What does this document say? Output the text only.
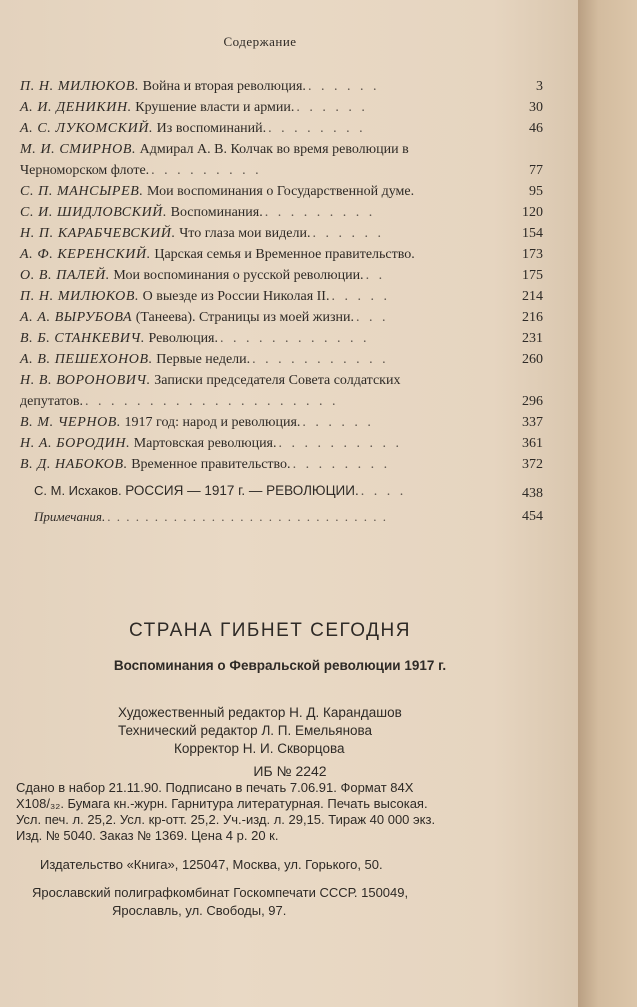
Содержание
П. Н. МИЛЮКОВ. Война и вторая революция. . . . . . .	3
А. И. ДЕНИКИН. Крушение власти и армии. . . . . . .	30
А. С. ЛУКОМСКИЙ. Из воспоминаний. . . . . . . . .	46
М. И. СМИРНОВ. Адмирал А. В. Колчак во время революции в
Черноморском флоте. . . . . . . . . .	77
С. П. МАНСЫРЕВ. Мои воспоминания о Государственной думе.	95
С. И. ШИДЛОВСКИЙ. Воспоминания. . . . . . . . . .	120
Н. П. КАРАБЧЕВСКИЙ. Что глаза мои видели. . . . . . .	154
А. Ф. КЕРЕНСКИЙ. Царская семья и Временное правительство.	173
О. В. ПАЛЕЙ. Мои воспоминания о русской революции. . .	175
П. Н. МИЛЮКОВ. О выезде из России Николая II. . . . . .	214
А. А. ВЫРУБОВА (Танеева). Страницы из моей жизни. . . .	216
В. Б. СТАНКЕВИЧ. Революция. . . . . . . . . . . . .	231
А. В. ПЕШЕХОНОВ. Первые недели. . . . . . . . . . . .	260
Н. В. ВОРОНОВИЧ. Записки председателя Совета солдатских
депутатов. . . . . . . . . . . . . . . . . . . . .	296
В. М. ЧЕРНОВ. 1917 год: народ и революция. . . . . . .	337
Н. А. БОРОДИН. Мартовская революция. . . . . . . . . . .	361
В. Д. НАБОКОВ. Временное правительство. . . . . . . . .	372
С. М. Исхаков. РОССИЯ — 1917 г. — РЕВОЛЮЦИИ. . . . .	438
Примечания. . . . . . . . . . . . . . . . . . . . . . . . . . . . . . .	454
СТРАНА ГИБНЕТ СЕГОДНЯ
Воспоминания о Февральской революции 1917 г.
Художественный редактор Н. Д. Карандашов
Технический редактор Л. П. Емельянова
Корректор Н. И. Скворцова
ИБ № 2242
Сдано в набор 21.11.90. Подписано в печать 7.06.91. Формат 84Х
Х108/₃₂. Бумага кн.-журн. Гарнитура литературная. Печать высокая.
Усл. печ. л. 25,2. Усл. кр-отт. 25,2. Уч.-изд. л. 29,15. Тираж 40 000 экз.
Изд. № 5040. Заказ № 1369. Цена 4 р. 20 к.
Издательство «Книга», 125047, Москва, ул. Горького, 50.
Ярославский полиграфкомбинат Госкомпечати СССР. 150049,
Ярославль, ул. Свободы, 97.
